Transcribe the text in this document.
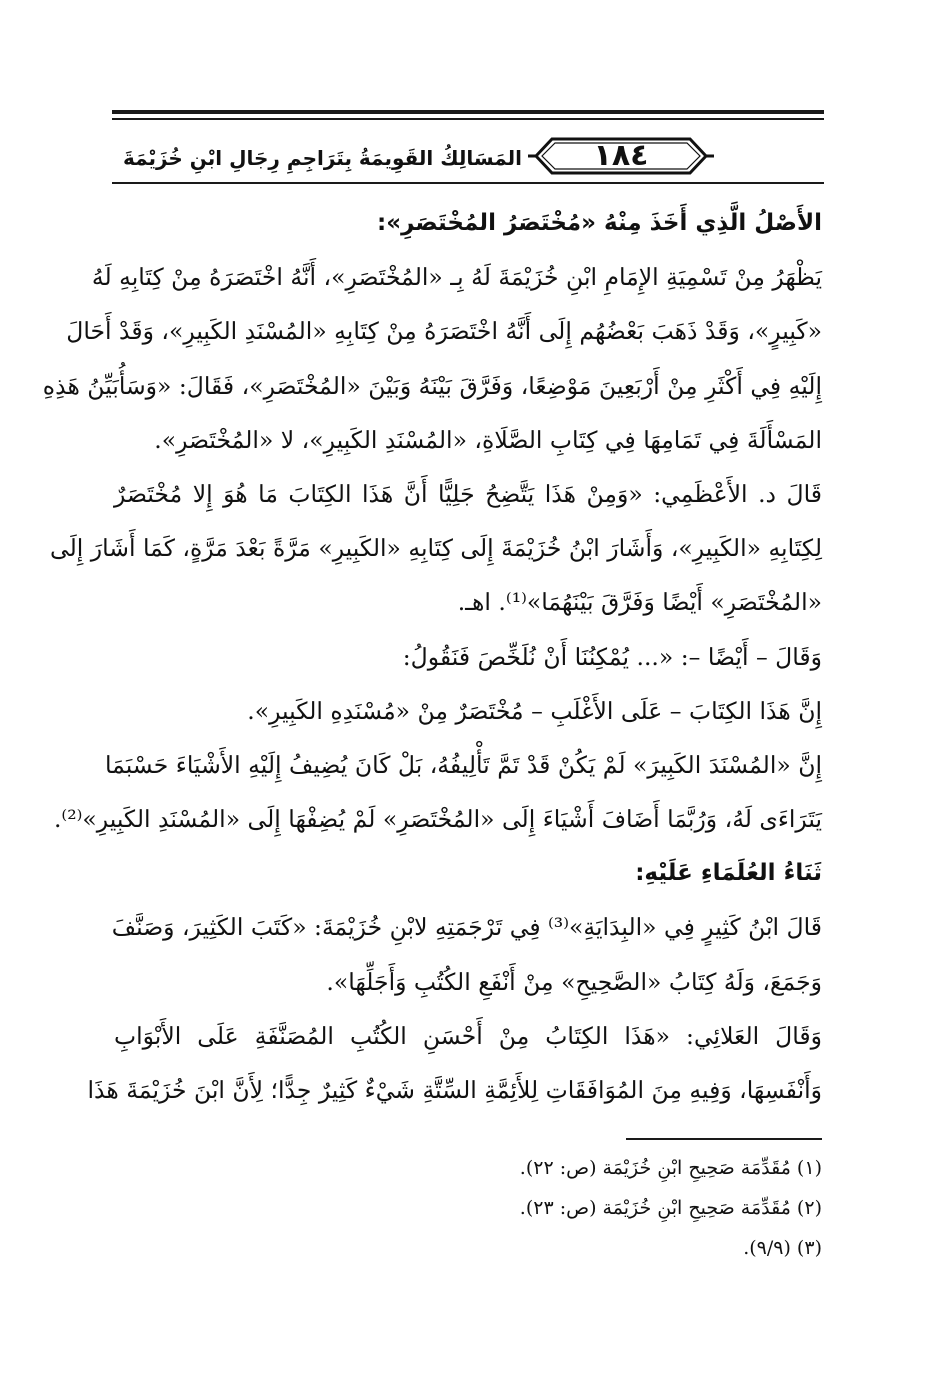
١٨٤
المَسَالِكُ القَوِيمَةُ بِتَرَاجِمِ رِجَالِ ابْنِ خُزَيْمَةَ
الأَصْلُ الَّذِي أَخَذَ مِنْهُ «مُخْتَصَرُ المُخْتَصَرِ»:
يَظْهَرُ مِنْ تَسْمِيَةِ الإِمَامِ ابْنِ خُزَيْمَةَ لَهُ بِـ «المُخْتَصَرِ»، أَنَّهُ اخْتَصَرَهُ مِنْ كِتَابِهِ لَهُ
«كَبِيرٍ»، وَقَدْ ذَهَبَ بَعْضُهُم إِلَى أَنَّهُ اخْتَصَرَهُ مِنْ كِتَابِهِ «المُسْنَدِ الكَبِيرِ»، وَقَدْ أَحَالَ
إِلَيْهِ فِي أَكْثَرِ مِنْ أَرْبَعِينَ مَوْضِعًا، وَفَرَّقَ بَيْنَهُ وَبَيْنَ «المُخْتَصَرِ»، فَقَالَ: «وَسَأُبَيِّنُ هَذِهِ
المَسْأَلَةَ فِي تَمَامِهَا فِي كِتَابِ الصَّلَاةِ، «المُسْنَدِ الكَبِيرِ»، لا «المُخْتَصَرِ».
قَالَ د. الأَعْظَمِي: «وَمِنْ هَذَا يَتَّضِحُ جَلِيًّا أَنَّ هَذَا الكِتَابَ مَا هُوَ إِلا مُخْتَصَرٌ
لِكِتَابِهِ «الكَبِيرِ»، وَأَشَارَ ابْنُ خُزَيْمَةَ إِلَى كِتَابِهِ «الكَبِيرِ» مَرَّةً بَعْدَ مَرَّةٍ، كَمَا أَشَارَ إِلَى
«المُخْتَصَرِ» أَيْضًا وَفَرَّقَ بَيْنَهُمَا»⁽¹⁾. اهـ.
وَقَالَ – أَيْضًا –: «... يُمْكِنُنَا أَنْ نُلَخِّصَ فَنَقُولُ:
إِنَّ هَذَا الكِتَابَ – عَلَى الأَغْلَبِ – مُخْتَصَرٌ مِنْ «مُسْنَدِهِ الكَبِيرِ».
إِنَّ «المُسْنَدَ الكَبِيرَ» لَمْ يَكُنْ قَدْ تَمَّ تَأْلِيفُهُ، بَلْ كَانَ يُضِيفُ إِلَيْهِ الأَشْيَاءَ حَسْبَمَا
يَتَرَاءَى لَهُ، وَرُبَّمَا أَضَافَ أَشْيَاءَ إِلَى «المُخْتَصَرِ» لَمْ يُضِفْهَا إِلَى «المُسْنَدِ الكَبِيرِ»⁽²⁾.
ثَنَاءُ العُلَمَاءِ عَلَيْهِ:
قَالَ ابْنُ كَثِيرٍ فِي «البِدَايَةِ»⁽³⁾ فِي تَرْجَمَتِهِ لابْنِ خُزَيْمَةَ: «كَتَبَ الكَثِيرَ، وَصَنَّفَ
وَجَمَعَ، وَلَهُ كِتَابُ «الصَّحِيحِ» مِنْ أَنْفَعِ الكُتُبِ وَأَجَلِّهَا».
وَقَالَ العَلائِي: «هَذَا الكِتَابُ مِنْ أَحْسَنِ الكُتُبِ المُصَنَّفَةِ عَلَى الأَبْوَابِ
وَأَنْفَسِهَا، وَفِيهِ مِنَ المُوَافَقَاتِ لِلأَئِمَّةِ السِّتَّةِ شَيْءٌ كَثِيرٌ جِدًّا؛ لِأَنَّ ابْنَ خُزَيْمَةَ هَذَا
(١) مُقَدِّمَة صَحِيحِ ابْنِ خُزَيْمَة (ص: ٢٢).
(٢) مُقَدِّمَة صَحِيحِ ابْنِ خُزَيْمَة (ص: ٢٣).
(٣) (٩/٩).
